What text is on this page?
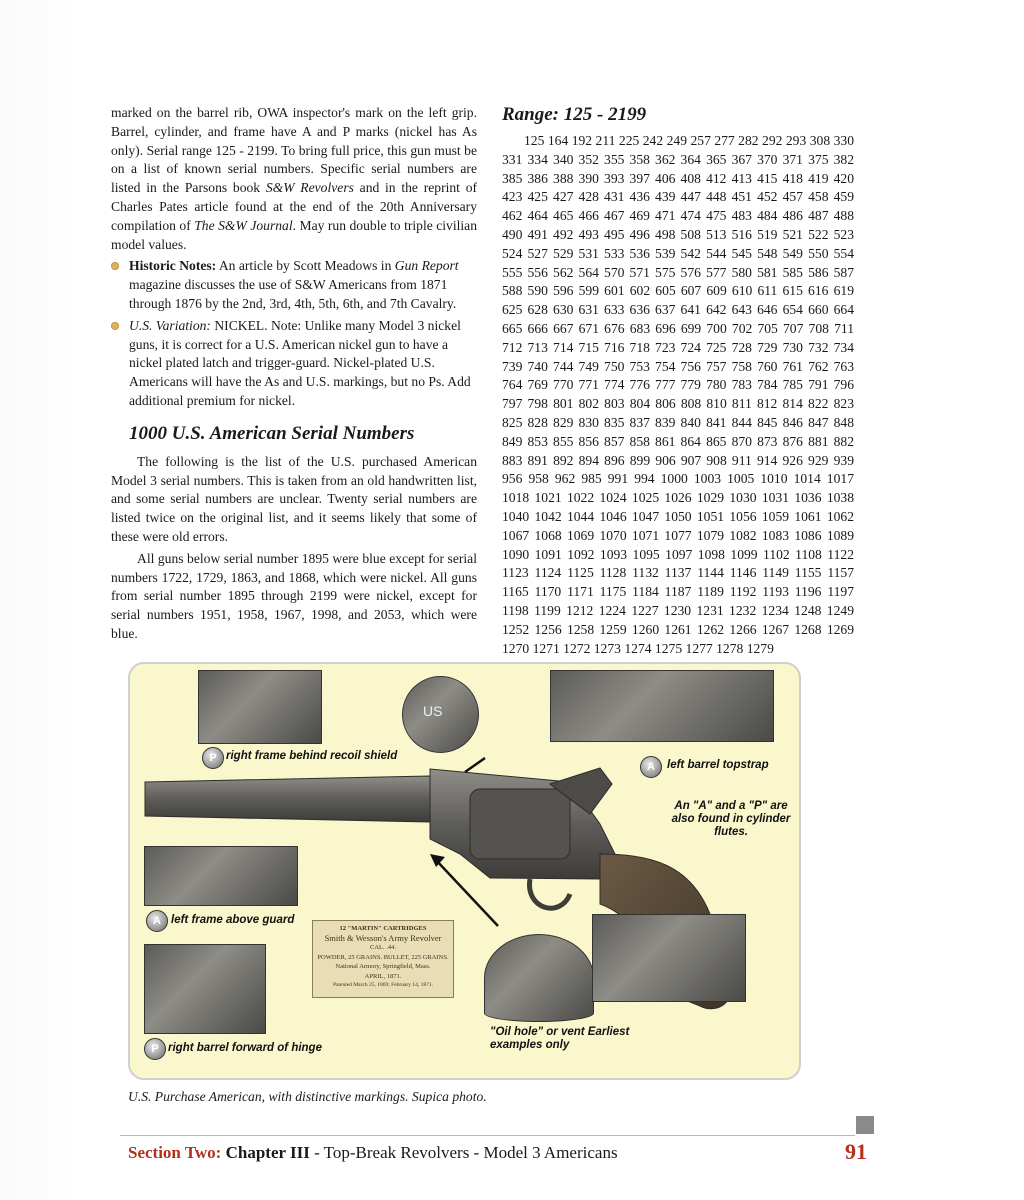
marked on the barrel rib, OWA inspector's mark on the left grip. Barrel, cylinder, and frame have A and P marks (nickel has As only). Serial range 125 - 2199. To bring full price, this gun must be on a list of known serial numbers. Specific serial numbers are listed in the Parsons book S&W Revolvers and in the reprint of Charles Pates article found at the end of the 20th Anniversary compilation of The S&W Journal. May run double to triple civilian model values.

Historic Notes: An article by Scott Meadows in Gun Report magazine discusses the use of S&W Americans from 1871 through 1876 by the 2nd, 3rd, 4th, 5th, 6th, and 7th Cavalry.
U.S. Variation: NICKEL. Note: Unlike many Model 3 nickel guns, it is correct for a U.S. American nickel gun to have a nickel plated latch and trigger-guard. Nickel-plated U.S. Americans will have the As and U.S. markings, but no Ps. Add additional premium for nickel.
1000 U.S. American Serial Numbers

The following is the list of the U.S. purchased American Model 3 serial numbers. This is taken from an old handwritten list, and some serial numbers are unclear. Twenty serial numbers are listed twice on the original list, and it seems likely that some of these were old errors.

All guns below serial number 1895 were blue except for serial numbers 1722, 1729, 1863, and 1868, which were nickel. All guns from serial number 1895 through 2199 were nickel, except for serial numbers 1951, 1958, 1967, 1998, and 2053, which were blue.

Range: 125 - 2199

125 164 192 211 225 242 249 257 277 282 292 293 308 330 331 334 340 352 355 358 362 364 365 367 370 371 375 382 385 386 388 390 393 397 406 408 412 413 415 418 419 420 423 425 427 428 431 436 439 447 448 451 452 457 458 459 462 464 465 466 467 469 471 474 475 483 484 486 487 488 490 491 492 493 495 496 498 508 513 516 519 521 522 523 524 527 529 531 533 536 539 542 544 545 548 549 550 554 555 556 562 564 570 571 575 576 577 580 581 585 586 587 588 590 596 599 601 602 605 607 609 610 611 615 616 619 625 628 630 631 633 636 637 641 642 643 646 654 660 664 665 666 667 671 676 683 696 699 700 702 705 707 708 711 712 713 714 715 716 718 723 724 725 728 729 730 732 734 739 740 744 749 750 753 754 756 757 758 760 761 762 763 764 769 770 771 774 776 777 779 780 783 784 785 791 796 797 798 801 802 803 804 806 808 810 811 812 814 822 823 825 828 829 830 835 837 839 840 841 844 845 846 847 848 849 853 855 856 857 858 861 864 865 870 873 876 881 882 883 891 892 894 896 899 906 907 908 911 914 926 929 939 956 958 962 985 991 994 1000 1003 1005 1010 1014 1017 1018 1021 1022 1024 1025 1026 1029 1030 1031 1036 1038 1040 1042 1044 1046 1047 1050 1051 1056 1059 1061 1062 1067 1068 1069 1070 1071 1077 1079 1082 1083 1086 1089 1090 1091 1092 1093 1095 1097 1098 1099 1102 1108 1122 1123 1124 1125 1128 1132 1137 1144 1146 1149 1155 1157 1165 1170 1171 1175 1184 1187 1189 1192 1193 1196 1197 1198 1199 1212 1224 1227 1230 1231 1232 1234 1248 1249 1252 1256 1258 1259 1260 1261 1262 1266 1267 1268 1269 1270 1271 1272 1273 1274 1275 1277 1278 1279

P right frame behind recoil shield
US
A	left barrel topstrap
An "A" and a "P" are also found in cylinder flutes.
A left frame above guard
P right barrel forward of hinge
12 "MARTIN" CARTRIDGES
Smith & Wesson's Army Revolver
CAL. .44.
POWDER, 25 GRAINS. BULLET, 225 GRAINS.
National Armory, Springfield, Mass.
APRIL, 1871.
Patented March 25, 1869; February 14, 1871.
"Oil hole" or vent Earliest examples only
U.S. Purchase American, with distinctive markings. Supica photo.
Section Two: Chapter III - Top-Break Revolvers - Model 3 Americans	91
